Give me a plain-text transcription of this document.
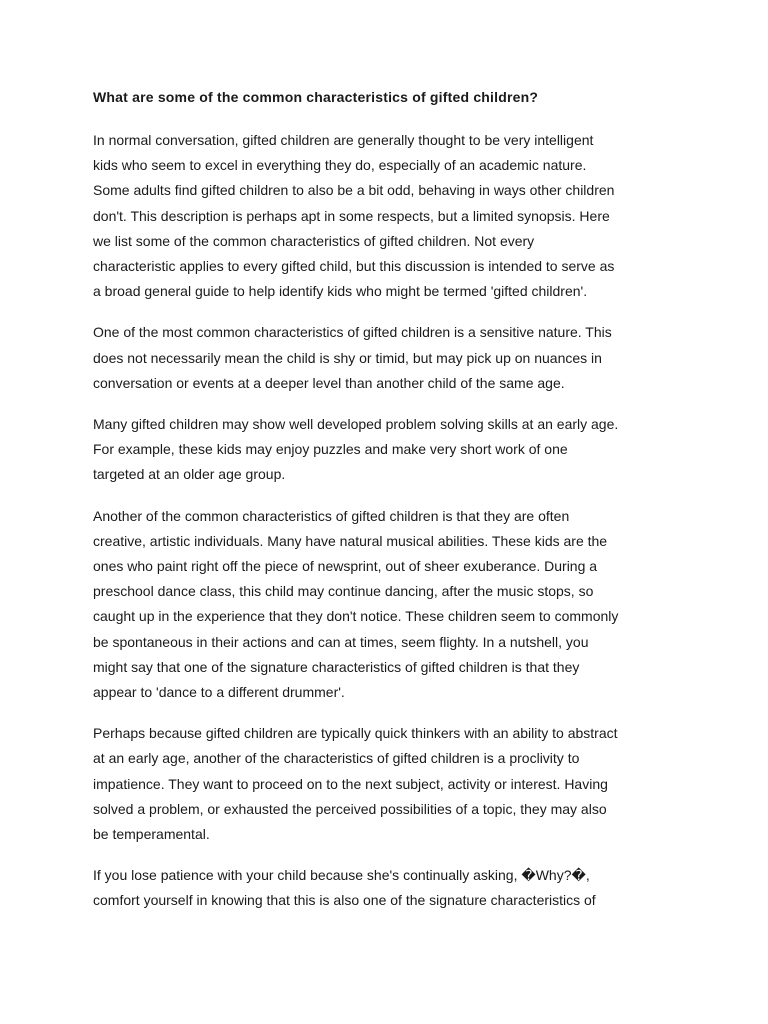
What are some of the common characteristics of gifted children?

In normal conversation, gifted children are generally thought to be very intelligent
kids who seem to excel in everything they do, especially of an academic nature.
Some adults find gifted children to also be a bit odd, behaving in ways other children
don't. This description is perhaps apt in some respects, but a limited synopsis. Here
we list some of the common characteristics of gifted children. Not every
characteristic applies to every gifted child, but this discussion is intended to serve as
a broad general guide to help identify kids who might be termed 'gifted children'.

One of the most common characteristics of gifted children is a sensitive nature. This
does not necessarily mean the child is shy or timid, but may pick up on nuances in
conversation or events at a deeper level than another child of the same age.

Many gifted children may show well developed problem solving skills at an early age.
For example, these kids may enjoy puzzles and make very short work of one
targeted at an older age group.

Another of the common characteristics of gifted children is that they are often
creative, artistic individuals. Many have natural musical abilities. These kids are the
ones who paint right off the piece of newsprint, out of sheer exuberance. During a
preschool dance class, this child may continue dancing, after the music stops, so
caught up in the experience that they don't notice. These children seem to commonly
be spontaneous in their actions and can at times, seem flighty. In a nutshell, you
might say that one of the signature characteristics of gifted children is that they
appear to 'dance to a different drummer'.

Perhaps because gifted children are typically quick thinkers with an ability to abstract
at an early age, another of the characteristics of gifted children is a proclivity to
impatience. They want to proceed on to the next subject, activity or interest. Having
solved a problem, or exhausted the perceived possibilities of a topic, they may also
be temperamental.

If you lose patience with your child because she's continually asking, �Why?�,
comfort yourself in knowing that this is also one of the signature characteristics of
